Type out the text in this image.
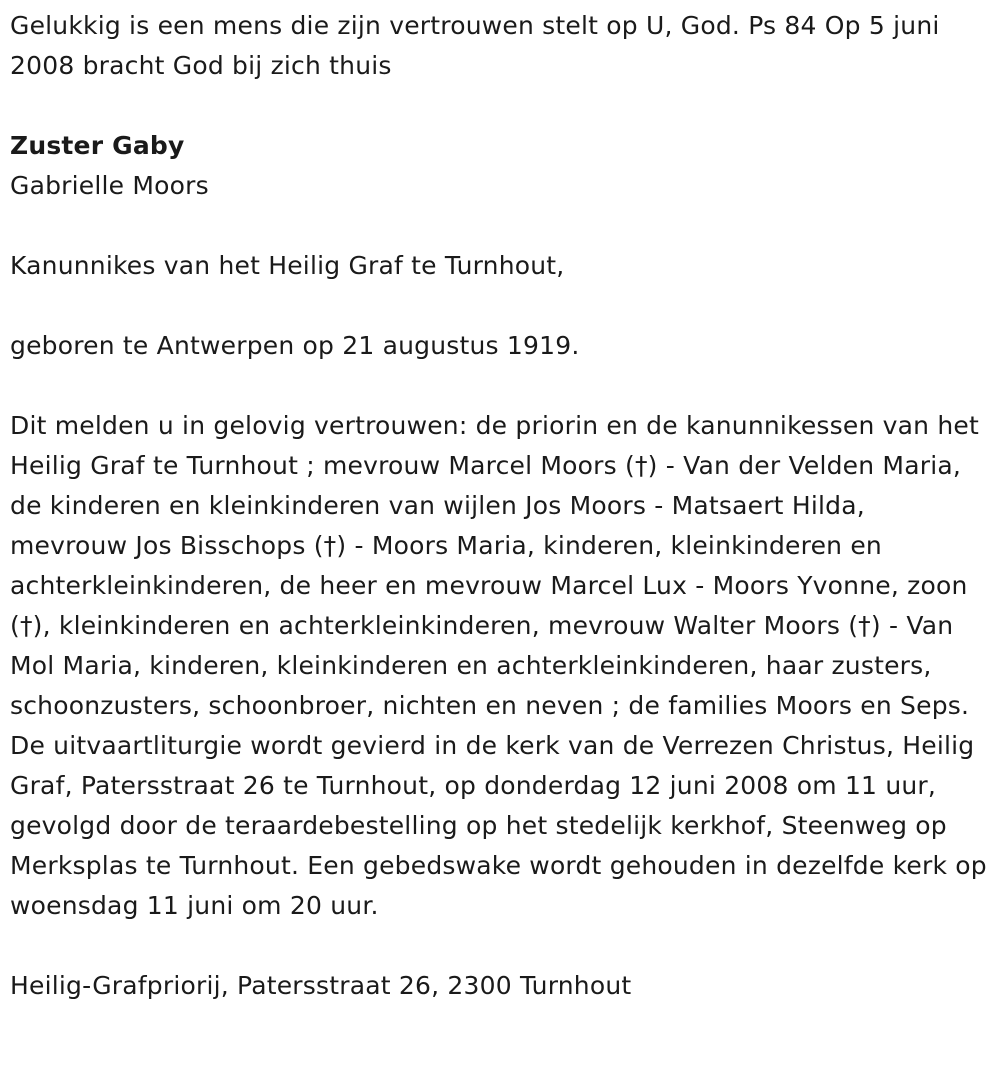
Gelukkig is een mens die zijn vertrouwen stelt op U, God. Ps 84 Op 5 juni 2008 bracht God bij zich thuis

Zuster Gaby

Gabrielle Moors

Kanunnikes van het Heilig Graf te Turnhout,

geboren te Antwerpen op 21 augustus 1919.

Dit melden u in gelovig vertrouwen: de priorin en de kanunnikessen van het Heilig Graf te Turnhout ; mevrouw Marcel Moors (†) - Van der Velden Maria, de kinderen en kleinkinderen van wijlen Jos Moors - Matsaert Hilda, mevrouw Jos Bisschops (†) - Moors Maria, kinderen, kleinkinderen en achterkleinkinderen, de heer en mevrouw Marcel Lux - Moors Yvonne, zoon (†), kleinkinderen en achterkleinkinderen, mevrouw Walter Moors (†) - Van Mol Maria, kinderen, kleinkinderen en achterkleinkinderen, haar zusters, schoonzusters, schoonbroer, nichten en neven ; de families Moors en Seps. De uitvaartliturgie wordt gevierd in de kerk van de Verrezen Christus, Heilig Graf, Patersstraat 26 te Turnhout, op donderdag 12 juni 2008 om 11 uur, gevolgd door de teraardebestelling op het stedelijk kerkhof, Steenweg op Merksplas te Turnhout. Een gebedswake wordt gehouden in dezelfde kerk op woensdag 11 juni om 20 uur.

Heilig-Grafpriorij, Patersstraat 26, 2300 Turnhout
